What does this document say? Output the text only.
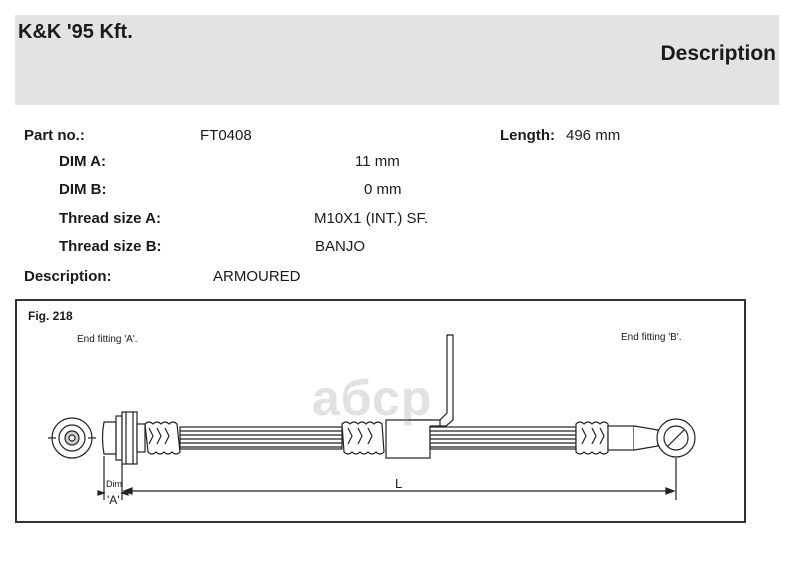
K&K '95 Kft.
Description
Part no.:	FT0408	Length: 496 mm
DIM A:	11 mm
DIM B:	0 mm
Thread size A:	M10X1 (INT.) SF.
Thread size B:	BANJO
Description:	ARMOURED
Fig. 218
End fitting 'A'.	End fitting 'B'.
Dim
'A'
L
aбсp
